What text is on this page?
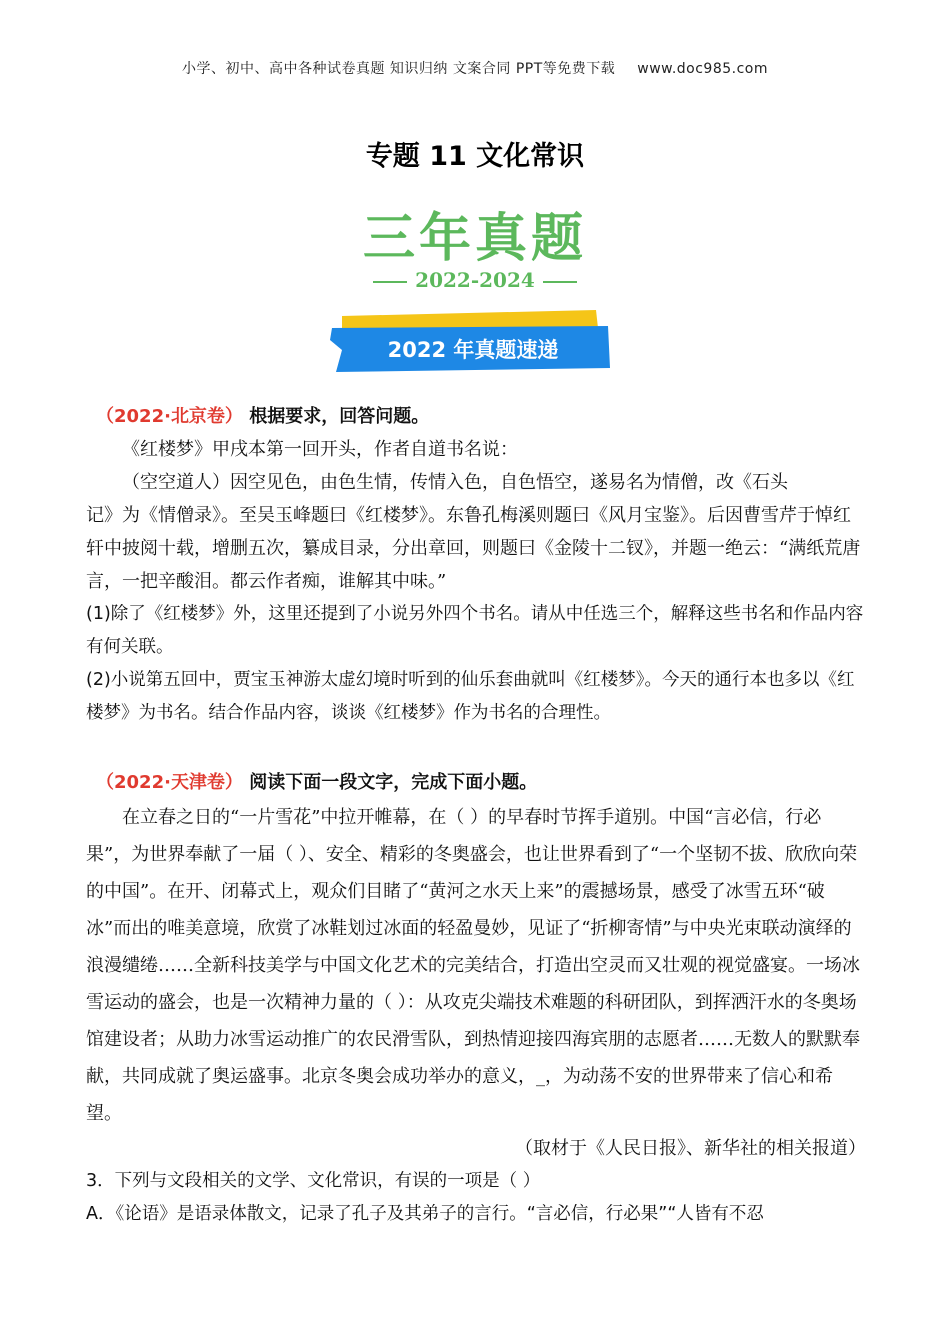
小学、初中、高中各种试卷真题 知识归纳 文案合同 PPT等免费下载 www.doc985.com
专题 11 文化常识
三年真题
2022-2024
2022 年真题速递
（2022·北京卷） 根据要求，回答问题。

《红楼梦》甲戌本第一回开头，作者自道书名说：

（空空道人）因空见色，由色生情，传情入色，自色悟空，遂易名为情僧，改《石头

记》为《情僧录》。至吴玉峰题曰《红楼梦》。东鲁孔梅溪则题曰《风月宝鉴》。后因曹雪芹于悼红轩中披阅十载，增删五次，纂成目录，分出章回，则题曰《金陵十二钗》，并题一绝云：“满纸荒唐言，一把辛酸泪。都云作者痴，谁解其中味。”

(1)除了《红楼梦》外，这里还提到了小说另外四个书名。请从中任选三个，解释这些书名和作品内容有何关联。

(2)小说第五回中，贾宝玉神游太虚幻境时听到的仙乐套曲就叫《红楼梦》。今天的通行本也多以《红楼梦》为书名。结合作品内容，谈谈《红楼梦》作为书名的合理性。

（2022·天津卷） 阅读下面一段文字，完成下面小题。

在立春之日的“一片雪花”中拉开帷幕，在（ ）的早春时节挥手道别。中国“言必信，行必果”，为世界奉献了一届（ ）、安全、精彩的冬奥盛会，也让世界看到了“一个坚韧不拔、欣欣向荣的中国”。在开、闭幕式上，观众们目睹了“黄河之水天上来”的震撼场景，感受了冰雪五环“破冰”而出的唯美意境，欣赏了冰鞋划过冰面的轻盈曼妙，见证了“折柳寄情”与中央光束联动演绎的浪漫缱绻……全新科技美学与中国文化艺术的完美结合，打造出空灵而又壮观的视觉盛宴。一场冰雪运动的盛会，也是一次精神力量的（ ）：从攻克尖端技术难题的科研团队，到挥洒汗水的冬奥场馆建设者；从助力冰雪运动推广的农民滑雪队，到热情迎接四海宾朋的志愿者……无数人的默默奉献，共同成就了奥运盛事。北京冬奥会成功举办的意义，_，为动荡不安的世界带来了信心和希望。

（取材于《人民日报》、新华社的相关报道）

3．下列与文段相关的文学、文化常识，有误的一项是（ ）

A．《论语》是语录体散文，记录了孔子及其弟子的言行。“言必信，行必果”“人皆有不忍
